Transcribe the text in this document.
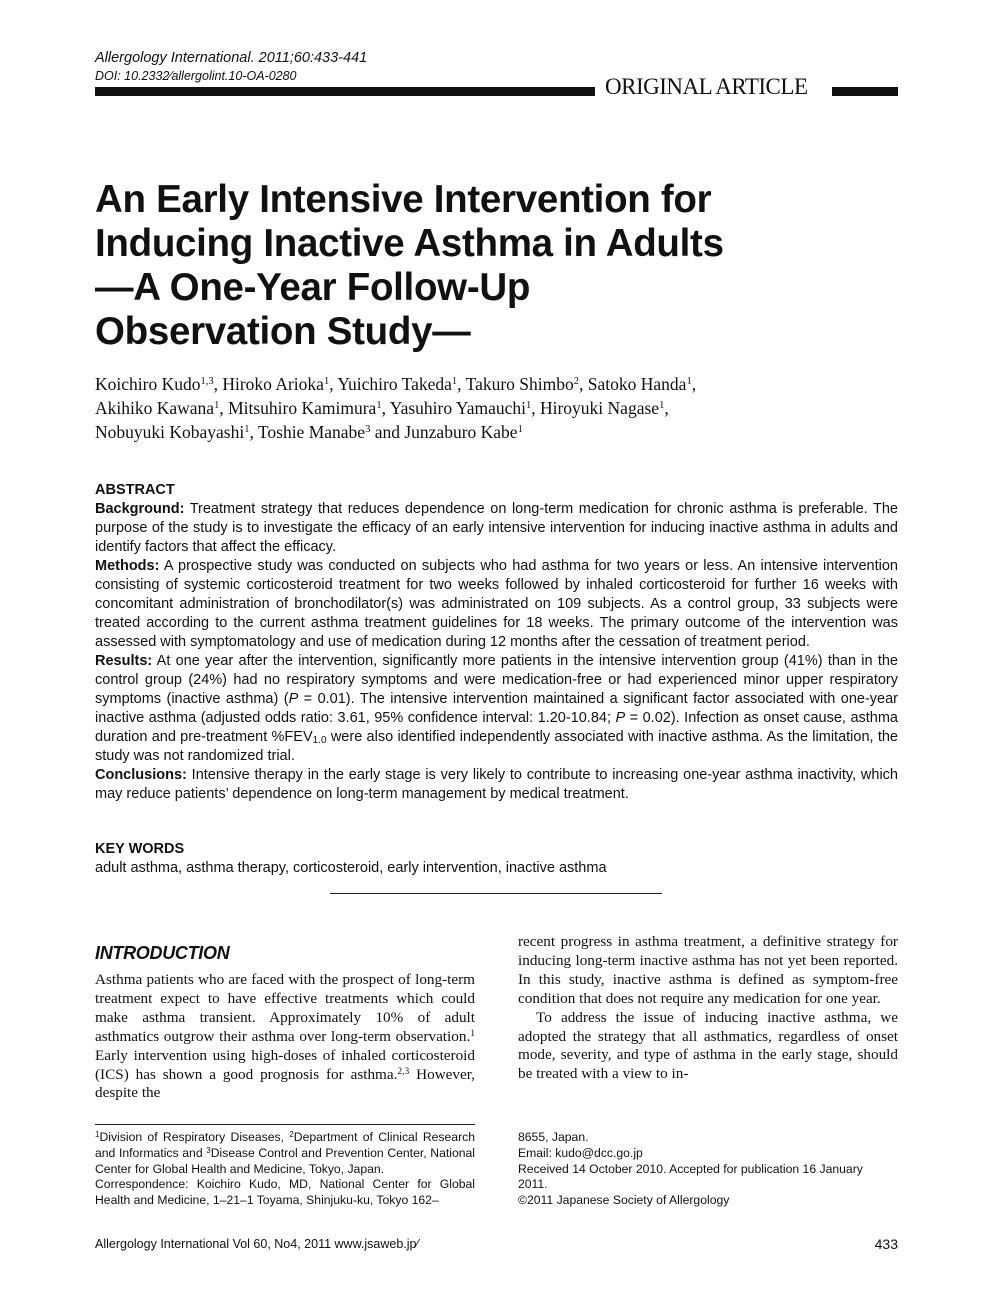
Allergology International. 2011;60:433-441
DOI: 10.2332⁄allergolint.10-OA-0280	ORIGINAL ARTICLE
An Early Intensive Intervention for
Inducing Inactive Asthma in Adults
—A One-Year Follow-Up
Observation Study—
Koichiro Kudo$^{1,3}$, Hiroko Arioka$^1$, Yuichiro Takeda$^1$, Takuro Shimbo$^2$, Satoko Handa$^1$,
Akihiko Kawana$^1$, Mitsuhiro Kamimura$^1$, Yasuhiro Yamauchi$^1$, Hiroyuki Nagase$^1$,
Nobuyuki Kobayashi$^1$, Toshie Manabe$^3$ and Junzaburo Kabe$^1$
ABSTRACT

Background: Treatment strategy that reduces dependence on long-term medication for chronic asthma is preferable. The purpose of the study is to investigate the efficacy of an early intensive intervention for inducing inactive asthma in adults and identify factors that affect the efficacy.

Methods: A prospective study was conducted on subjects who had asthma for two years or less. An intensive intervention consisting of systemic corticosteroid treatment for two weeks followed by inhaled corticosteroid for further 16 weeks with concomitant administration of bronchodilator(s) was administrated on 109 subjects. As a control group, 33 subjects were treated according to the current asthma treatment guidelines for 18 weeks. The primary outcome of the intervention was assessed with symptomatology and use of medication during 12 months after the cessation of treatment period.

Results: At one year after the intervention, significantly more patients in the intensive intervention group (41%) than in the control group (24%) had no respiratory symptoms and were medication-free or had experienced minor upper respiratory symptoms (inactive asthma) (P = 0.01). The intensive intervention maintained a significant factor associated with one-year inactive asthma (adjusted odds ratio: 3.61, 95% confidence interval: 1.20-10.84; P = 0.02). Infection as onset cause, asthma duration and pre-treatment $\%FEV_{1.0}$ were also identified independently associated with inactive asthma. As the limitation, the study was not randomized trial.

Conclusions: Intensive therapy in the early stage is very likely to contribute to increasing one-year asthma inactivity, which may reduce patients’ dependence on long-term management by medical treatment.

KEY WORDS
adult asthma, asthma therapy, corticosteroid, early intervention, inactive asthma
INTRODUCTION

Asthma patients who are faced with the prospect of long-term treatment expect to have effective treatments which could make asthma transient. Approximately 10% of adult asthmatics outgrow their asthma over long-term observation.$^1$ Early intervention using high-doses of inhaled corticosteroid (ICS) has shown a good prognosis for asthma.$^{2,3}$ However, despite the

recent progress in asthma treatment, a definitive strategy for inducing long-term inactive asthma has not yet been reported. In this study, inactive asthma is defined as symptom-free condition that does not require any medication for one year.

To address the issue of inducing inactive asthma, we adopted the strategy that all asthmatics, regardless of onset mode, severity, and type of asthma in the early stage, should be treated with a view to in-

$^1$Division of Respiratory Diseases, $^2$Department of Clinical Research and Informatics and $^3$Disease Control and Prevention Center, National Center for Global Health and Medicine, Tokyo, Japan.
Correspondence: Koichiro Kudo, MD, National Center for Global Health and Medicine, 1–21–1 Toyama, Shinjuku-ku, Tokyo 162–
8655, Japan.
Email: kudo@dcc.go.jp
Received 14 October 2010. Accepted for publication 16 January
2011.
©2011 Japanese Society of Allergology
Allergology International Vol 60, No4, 2011 www.jsaweb.jp⁄	433
